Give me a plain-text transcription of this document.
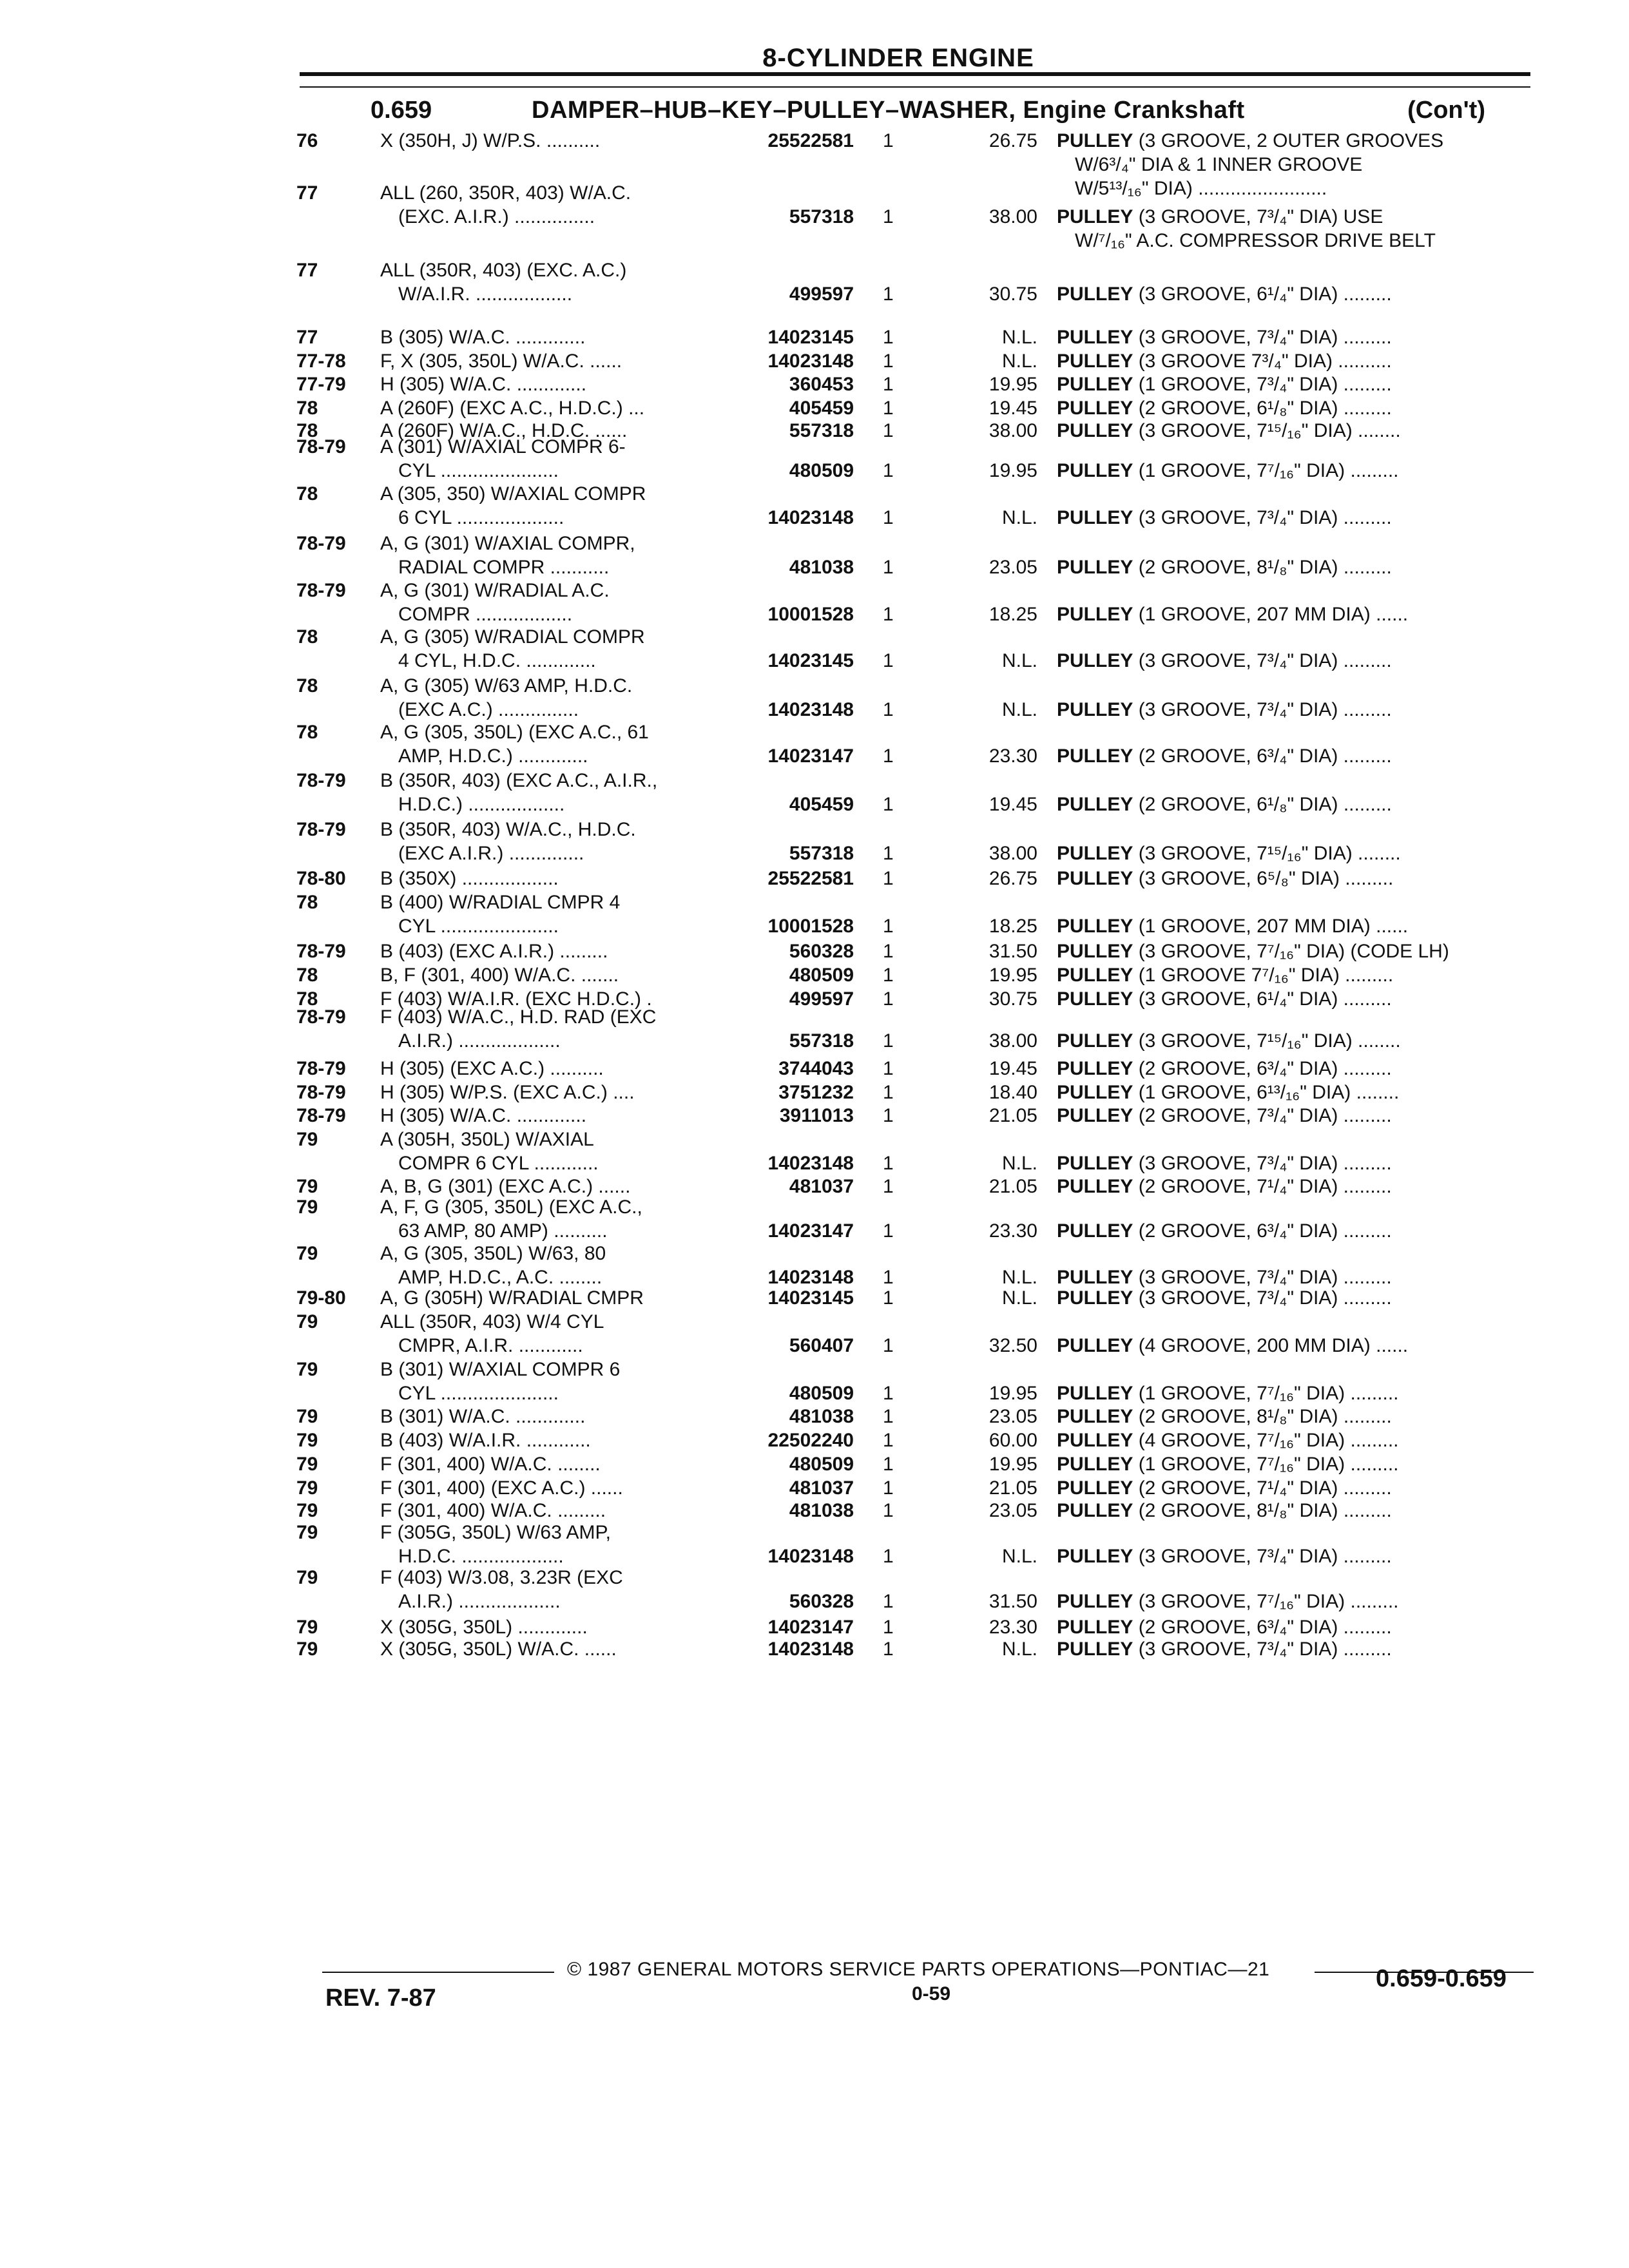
8-CYLINDER ENGINE
0.659	DAMPER–HUB–KEY–PULLEY–WASHER, Engine Crankshaft	(Con't)
76	X (350H, J) W/P.S. ..........	25522581 1	26.75 PULLEY (3 GROOVE, 2 OUTER GROOVES
W/6³/₄" DIA & 1 INNER GROOVE
W/5¹³/₁₆" DIA) ........................
77	ALL (260, 350R, 403) W/A.C.
(EXC. A.I.R.) ...............	557318 1	38.00 PULLEY (3 GROOVE, 7³/₄" DIA) USE
W/⁷/₁₆" A.C. COMPRESSOR DRIVE BELT
77	ALL (350R, 403) (EXC. A.C.)
W/A.I.R. ..................	499597 1	30.75 PULLEY (3 GROOVE, 6¹/₄" DIA) .........
77	B (305) W/A.C. .............	14023145 1	N.L. PULLEY (3 GROOVE, 7³/₄" DIA) .........
77-78 F, X (305, 350L) W/A.C. ......	14023148 1	N.L. PULLEY (3 GROOVE 7³/₄" DIA) ..........
77-79 H (305) W/A.C. .............	360453 1	19.95 PULLEY (1 GROOVE, 7³/₄" DIA) .........
78	A (260F) (EXC A.C., H.D.C.) ...	405459 1	19.45 PULLEY (2 GROOVE, 6¹/₈" DIA) .........
78	A (260F) W/A.C., H.D.C. ......	557318 1	38.00 PULLEY (3 GROOVE, 7¹⁵/₁₆" DIA) ........
78-79 A (301) W/AXIAL COMPR 6-
CYL ......................	480509 1	19.95 PULLEY (1 GROOVE, 7⁷/₁₆" DIA) .........
78	A (305, 350) W/AXIAL COMPR
6 CYL ....................	14023148 1	N.L. PULLEY (3 GROOVE, 7³/₄" DIA) .........
78-79 A, G (301) W/AXIAL COMPR,
RADIAL COMPR ...........	481038 1	23.05 PULLEY (2 GROOVE, 8¹/₈" DIA) .........
78-79 A, G (301) W/RADIAL A.C.
COMPR ..................	10001528 1	18.25 PULLEY (1 GROOVE, 207 MM DIA) ......
78	A, G (305) W/RADIAL COMPR
4 CYL, H.D.C. .............	14023145 1	N.L. PULLEY (3 GROOVE, 7³/₄" DIA) .........
78	A, G (305) W/63 AMP, H.D.C.
(EXC A.C.) ...............	14023148 1	N.L. PULLEY (3 GROOVE, 7³/₄" DIA) .........
78	A, G (305, 350L) (EXC A.C., 61
AMP, H.D.C.) .............	14023147 1	23.30 PULLEY (2 GROOVE, 6³/₄" DIA) .........
78-79 B (350R, 403) (EXC A.C., A.I.R.,
H.D.C.) ..................	405459 1	19.45 PULLEY (2 GROOVE, 6¹/₈" DIA) .........
78-79 B (350R, 403) W/A.C., H.D.C.
(EXC A.I.R.) ..............	557318 1	38.00 PULLEY (3 GROOVE, 7¹⁵/₁₆" DIA) ........
78-80 B (350X) ..................	25522581 1	26.75 PULLEY (3 GROOVE, 6⁵/₈" DIA) .........
78	B (400) W/RADIAL CMPR 4
CYL ......................	10001528 1	18.25 PULLEY (1 GROOVE, 207 MM DIA) ......
78-79 B (403) (EXC A.I.R.) .........	560328 1	31.50 PULLEY (3 GROOVE, 7⁷/₁₆" DIA) (CODE LH)
78	B, F (301, 400) W/A.C. .......	480509 1	19.95 PULLEY (1 GROOVE 7⁷/₁₆" DIA) .........
78	F (403) W/A.I.R. (EXC H.D.C.) .	499597 1	30.75 PULLEY (3 GROOVE, 6¹/₄" DIA) .........
78-79 F (403) W/A.C., H.D. RAD (EXC
A.I.R.) ...................	557318 1	38.00 PULLEY (3 GROOVE, 7¹⁵/₁₆" DIA) ........
78-79 H (305) (EXC A.C.) ..........	3744043 1	19.45 PULLEY (2 GROOVE, 6³/₄" DIA) .........
78-79 H (305) W/P.S. (EXC A.C.) ....	3751232 1	18.40 PULLEY (1 GROOVE, 6¹³/₁₆" DIA) ........
78-79 H (305) W/A.C. .............	3911013 1	21.05 PULLEY (2 GROOVE, 7³/₄" DIA) .........
79	A (305H, 350L) W/AXIAL
COMPR 6 CYL ............	14023148 1	N.L. PULLEY (3 GROOVE, 7³/₄" DIA) .........
79	A, B, G (301) (EXC A.C.) ......	481037 1	21.05 PULLEY (2 GROOVE, 7¹/₄" DIA) .........
79	A, F, G (305, 350L) (EXC A.C.,
63 AMP, 80 AMP) ..........	14023147 1	23.30 PULLEY (2 GROOVE, 6³/₄" DIA) .........
79	A, G (305, 350L) W/63, 80
AMP, H.D.C., A.C. ........	14023148 1	N.L. PULLEY (3 GROOVE, 7³/₄" DIA) .........
79-80 A, G (305H) W/RADIAL CMPR	14023145 1	N.L. PULLEY (3 GROOVE, 7³/₄" DIA) .........
79	ALL (350R, 403) W/4 CYL
CMPR, A.I.R. ............	560407 1	32.50 PULLEY (4 GROOVE, 200 MM DIA) ......
79	B (301) W/AXIAL COMPR 6
CYL ......................	480509 1	19.95 PULLEY (1 GROOVE, 7⁷/₁₆" DIA) .........
79	B (301) W/A.C. .............	481038 1	23.05 PULLEY (2 GROOVE, 8¹/₈" DIA) .........
79	B (403) W/A.I.R. ............	22502240 1	60.00 PULLEY (4 GROOVE, 7⁷/₁₆" DIA) .........
79	F (301, 400) W/A.C. ........	480509 1	19.95 PULLEY (1 GROOVE, 7⁷/₁₆" DIA) .........
79	F (301, 400) (EXC A.C.) ......	481037 1	21.05 PULLEY (2 GROOVE, 7¹/₄" DIA) .........
79	F (301, 400) W/A.C. .........	481038 1	23.05 PULLEY (2 GROOVE, 8¹/₈" DIA) .........
79	F (305G, 350L) W/63 AMP,
H.D.C. ...................	14023148 1	N.L. PULLEY (3 GROOVE, 7³/₄" DIA) .........
79	F (403) W/3.08, 3.23R (EXC
A.I.R.) ...................	560328 1	31.50 PULLEY (3 GROOVE, 7⁷/₁₆" DIA) .........
79	X (305G, 350L) .............	14023147 1	23.30 PULLEY (2 GROOVE, 6³/₄" DIA) .........
79	X (305G, 350L) W/A.C. ......	14023148 1	N.L. PULLEY (3 GROOVE, 7³/₄" DIA) .........
© 1987 GENERAL MOTORS SERVICE PARTS OPERATIONS—PONTIAC—21
0-59
REV. 7-87
0.659-0.659
